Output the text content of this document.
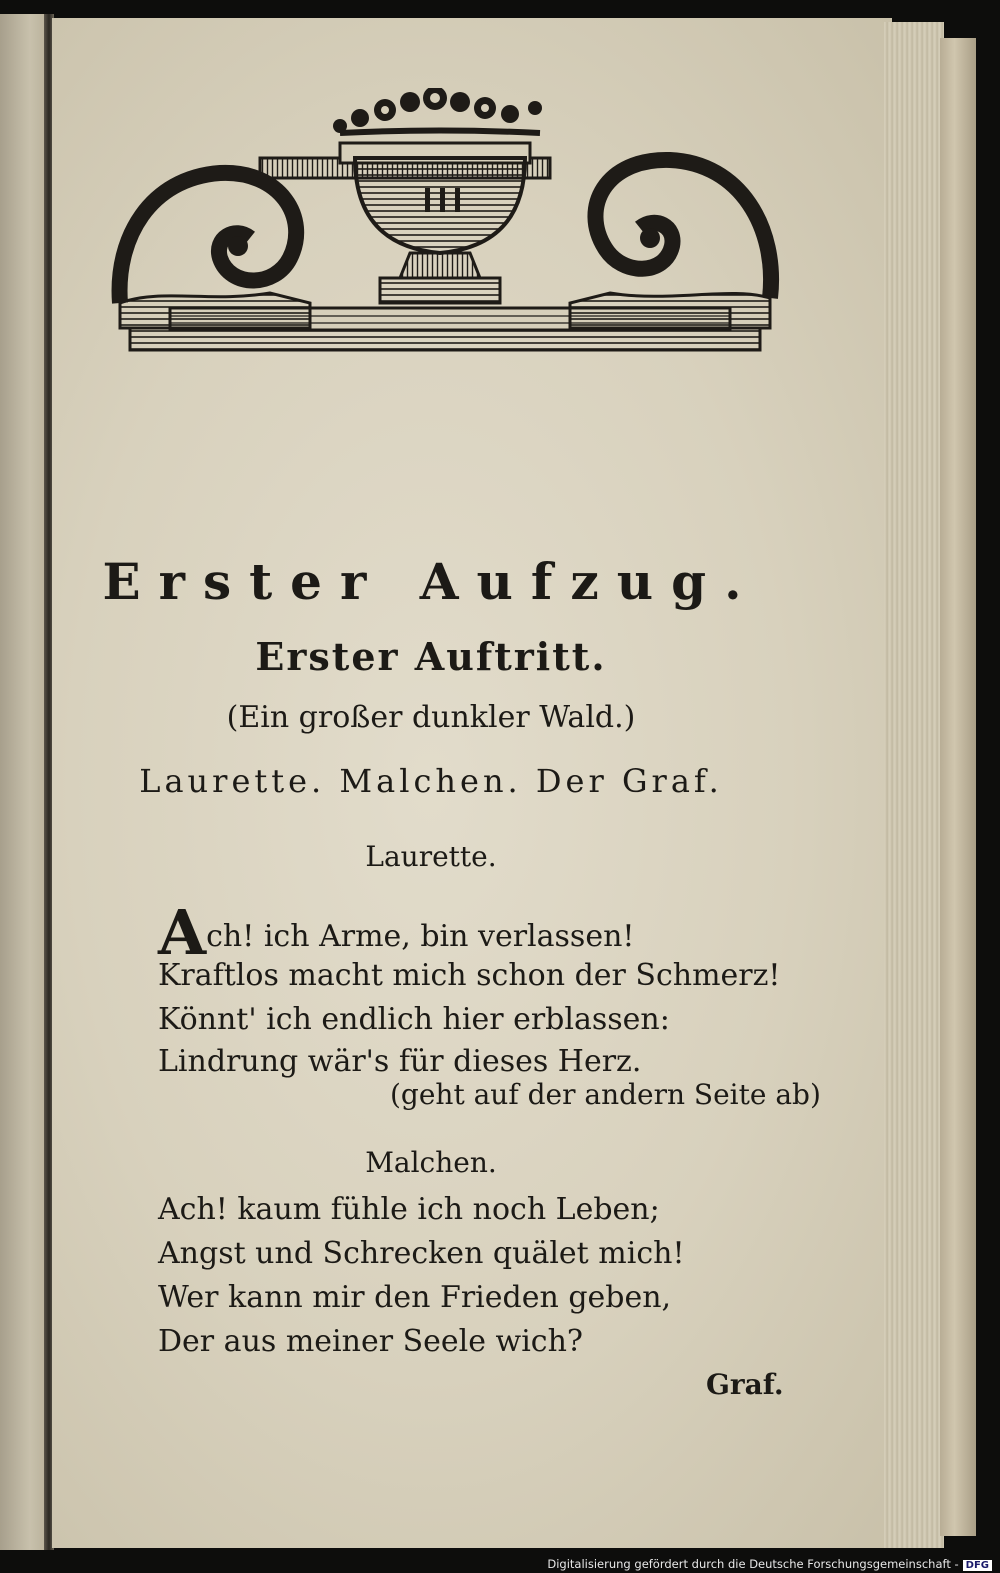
Erster Aufzug.
Erster Auftritt.
(Ein großer dunkler Wald.)
Laurette. Malchen. Der Graf.
Laurette.
Ach! ich Arme, bin verlassen!
Kraftlos macht mich schon der Schmerz!
Könnt' ich endlich hier erblassen:
Lindrung wär's für dieses Herz.
(geht auf der andern Seite ab)
Malchen.
Ach! kaum fühle ich noch Leben;
Angst und Schrecken quälet mich!
Wer kann mir den Frieden geben,
Der aus meiner Seele wich?
Graf.
Digitalisierung gefördert durch die Deutsche Forschungsgemeinschaft - DFG
